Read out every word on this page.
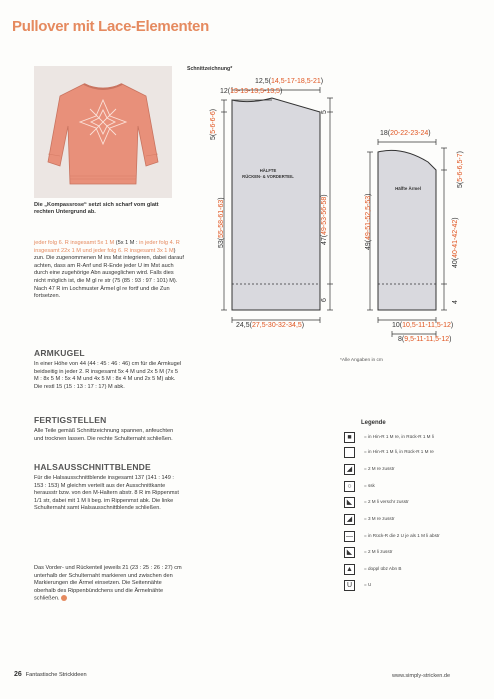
Pullover mit Lace-Elementen
Die „Kompassrose“ setzt sich scharf vom glatt rechten Untergrund ab.
jeder folg 6. R insgesamt 5x 1 M (5x 1 M : in jeder folg 4. R insgesamt 22x 1 M und jeder folg 6. R insgesamt 3x 1 M) zun. Die zugenommenen M ins Mst integrieren, dabei darauf achten, dass am R-Anf und R-Ende jeder U im Mst auch durch eine zugehörige Abn ausgeglichen wird. Falls dies nicht möglich ist, die M gl re str (75 (85 : 93 : 97 : 101) M). Nach 47 R im Lochmuster Ärmel gl re fortf und die Zun fortsetzen.
ARMKUGEL
In einer Höhe von 44 (44 : 45 : 46 : 46) cm für die Armkugel beidseitig in jeder 2. R insgesamt 5x 4 M und 2x 5 M (7x 5 M : 8x 5 M : 5x 4 M und 4x 5 M : 8x 4 M und 2x 5 M) abk. Die restl 15 (15 : 13 : 17 : 17) M abk.
FERTIGSTELLEN
Alle Teile gemäß Schnittzeichnung spannen, anfeuchten und trocknen lassen. Die rechte Schulternaht schließen.
HALSAUSSCHNITTBLENDE
Für die Halsausschnittblende insgesamt 137 (141 : 149 : 153 : 153) M gleichm verteilt aus der Ausschnittkante herausstr bzw. von den M-Haltern abstr. 8 R im Rippenmst 1/1 str, dabei mit 1 M li beg. im Rippenmst abk. Die linke Schulternaht samt Halsausschnittblende schließen.
Das Vorder- und Rückenteil jeweils 21 (23 : 25 : 26 : 27) cm unterhalb der Schulternaht markieren und zwischen den Markierungen die Ärmel einsetzen. Die Seitennähte oberhalb des Rippenbündchens und die Ärmelnähte schließen.
Schnittzeichnung*
HÄLFTE
RÜCKEN- & VORDERTEIL
Hälfte Ärmel
12,5(14,5-17-18,5-21)
12(13-13-13,5-13,5)
24,5(27,5-30-32-34,5)
18(20-22-23-24)
10(10,5-11-11,5-12)
8(9,5-11-11,5-12)
5(5-6-6-6)
53(55-58-61-63)
47(49-53-56-58)
5
6
49(49-51-52,5-53)
5(5-6-6,5-7)
40(40-41-42-42)
4
*Alle Angaben in cm
Legende
■	= in Hin-R 1 M re, in Rück-R 1 M li
= in Hin-R 1 M li, in Rück-R 1 M re
◢	= 2 M re zusstr
○	= ssk
◣	= 2 M li verschr zusstr
◢	= 3 M re zusstr
—	= in Rück-R die 2 U je als 1 M li abstr
◣	= 2 M li zusstr
▲	= doppl übz Abn B
U	= U
26 Fantastische Strickideen	www.simply-stricken.de
